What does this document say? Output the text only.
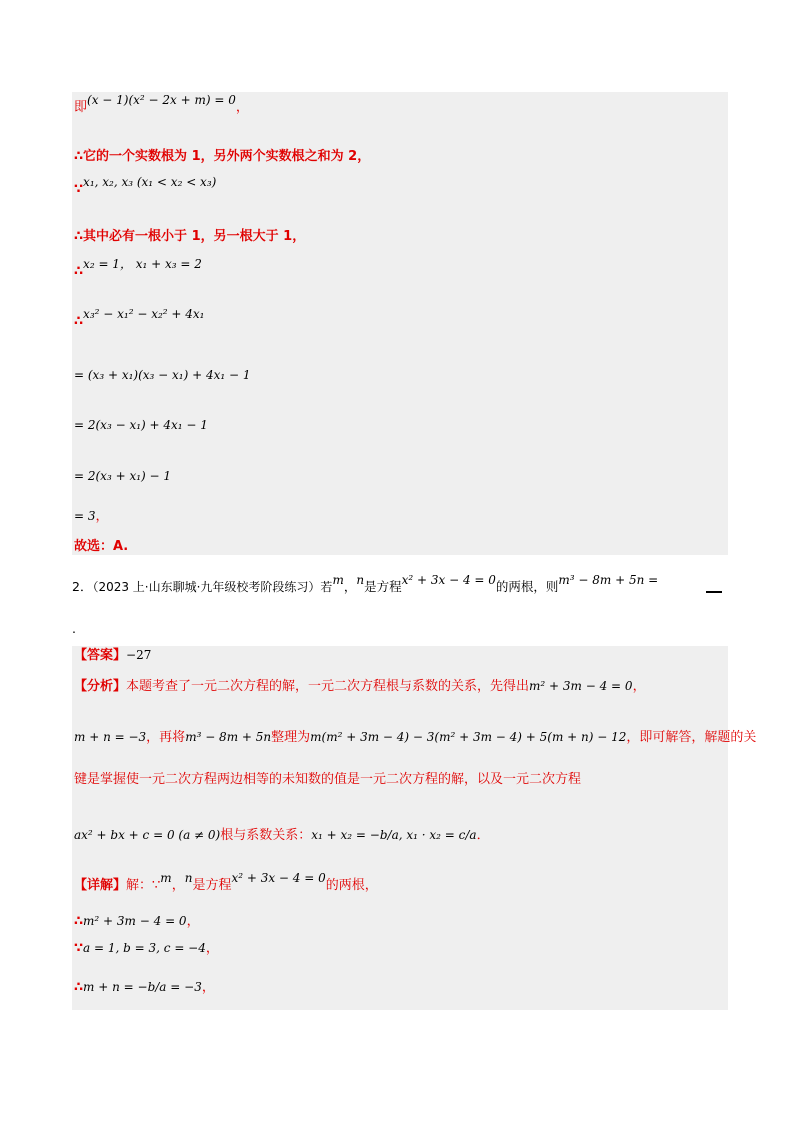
即(x − 1)(x² − 2x + m) = 0，
∴它的一个实数根为 1，另外两个实数根之和为 2，
∵x₁, x₂, x₃ (x₁ < x₂ < x₃)
∴其中必有一根小于 1，另一根大于 1，
∴x₂ = 1， x₁ + x₃ = 2
∴x₃² − x₁² − x₂² + 4x₁
= (x₃ + x₁)(x₃ − x₁) + 4x₁ − 1
= 2(x₃ − x₁) + 4x₁ − 1
= 2(x₃ + x₁) − 1
= 3，
故选：A.
2．（2023 上·山东聊城·九年级校考阶段练习）若m，n是方程x² + 3x − 4 = 0的两根，则m³ − 8m + 5n =
.
【答案】−27
【分析】本题考查了一元二次方程的解，一元二次方程根与系数的关系，先得出m² + 3m − 4 = 0，
m + n = −3，再将m³ − 8m + 5n整理为m(m² + 3m − 4) − 3(m² + 3m − 4) + 5(m + n) − 12，即可解答，解题的关
键是掌握使一元二次方程两边相等的未知数的值是一元二次方程的解，以及一元二次方程
ax² + bx + c = 0 (a ≠ 0)根与系数关系：x₁ + x₂ = −b/a, x₁ · x₂ = c/a．
【详解】解：∵m，n是方程x² + 3x − 4 = 0的两根，
∴m² + 3m − 4 = 0，
∵a = 1, b = 3, c = −4，
∴m + n = −b/a = −3，
